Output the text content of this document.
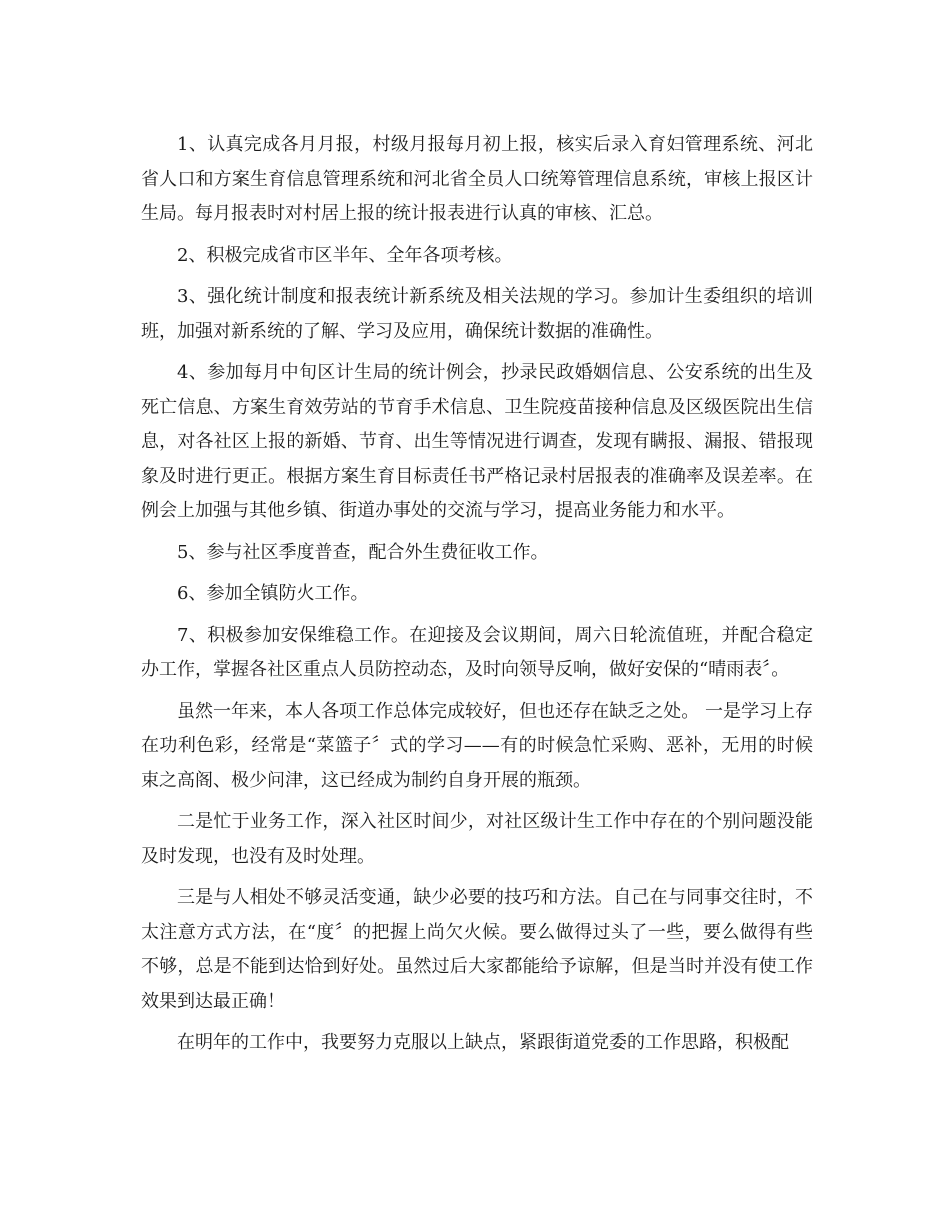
1、认真完成各月月报，村级月报每月初上报，核实后录入育妇管理系统、河北省人口和方案生育信息管理系统和河北省全员人口统筹管理信息系统，审核上报区计生局。每月报表时对村居上报的统计报表进行认真的审核、汇总。

2、积极完成省市区半年、全年各项考核。

3、强化统计制度和报表统计新系统及相关法规的学习。参加计生委组织的培训班，加强对新系统的了解、学习及应用，确保统计数据的准确性。

4、参加每月中旬区计生局的统计例会，抄录民政婚姻信息、公安系统的出生及死亡信息、方案生育效劳站的节育手术信息、卫生院疫苗接种信息及区级医院出生信息，对各社区上报的新婚、节育、出生等情况进行调查，发现有瞒报、漏报、错报现象及时进行更正。根据方案生育目标责任书严格记录村居报表的准确率及误差率。在例会上加强与其他乡镇、街道办事处的交流与学习，提高业务能力和水平。

5、参与社区季度普查，配合外生费征收工作。

6、参加全镇防火工作。

7、积极参加安保维稳工作。在迎接及会议期间，周六日轮流值班，并配合稳定办工作，掌握各社区重点人员防控动态，及时向领导反响，做好安保的“晴雨表〞。

虽然一年来，本人各项工作总体完成较好，但也还存在缺乏之处。 一是学习上存在功利色彩，经常是“菜篮子〞式的学习——有的时候急忙采购、恶补，无用的时候束之高阁、极少问津，这已经成为制约自身开展的瓶颈。

二是忙于业务工作，深入社区时间少，对社区级计生工作中存在的个别问题没能及时发现，也没有及时处理。

三是与人相处不够灵活变通，缺少必要的技巧和方法。自己在与同事交往时，不太注意方式方法，在“度〞的把握上尚欠火候。要么做得过头了一些，要么做得有些不够，总是不能到达恰到好处。虽然过后大家都能给予谅解，但是当时并没有使工作效果到达最正确！

在明年的工作中，我要努力克服以上缺点，紧跟街道党委的工作思路，积极配
